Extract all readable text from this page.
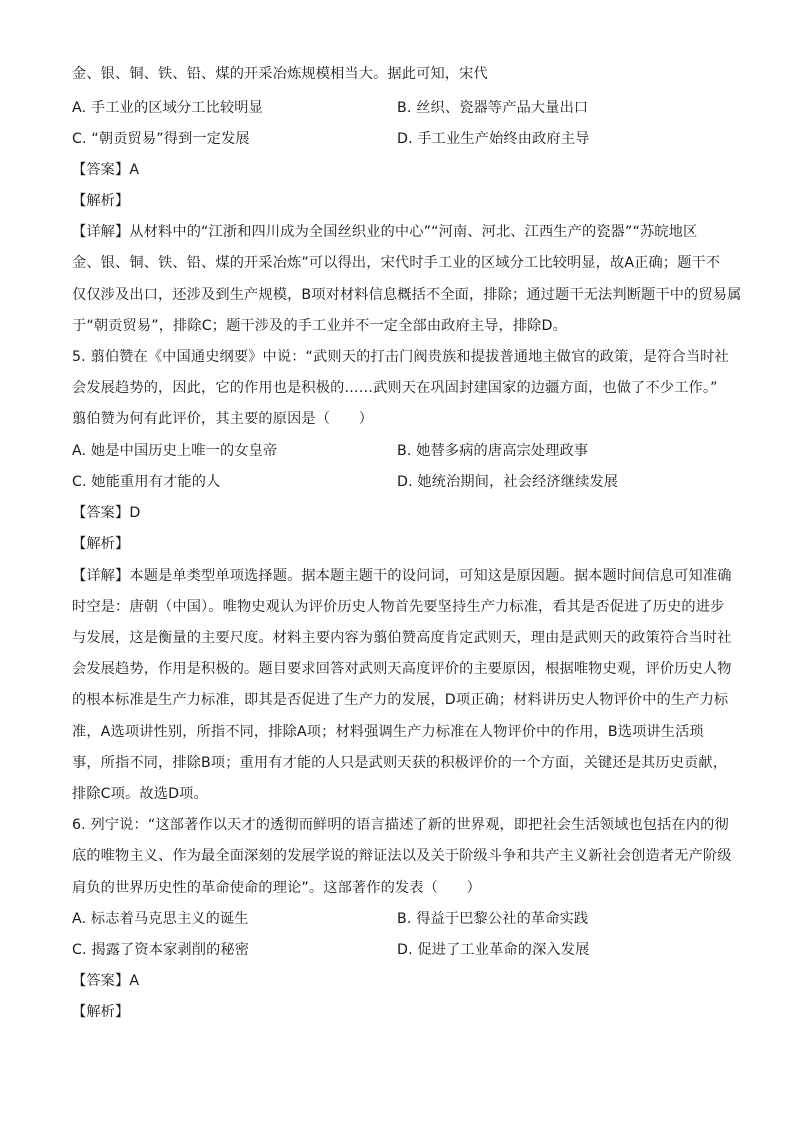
金、银、铜、铁、铅、煤的开采冶炼规模相当大。据此可知，宋代
A. 手工业的区域分工比较明显	B. 丝织、瓷器等产品大量出口
C. “朝贡贸易”得到一定发展	D. 手工业生产始终由政府主导
【答案】A
【解析】
【详解】从材料中的“江浙和四川成为全国丝织业的中心”“河南、河北、江西生产的瓷器”“苏皖地区
金、银、铜、铁、铅、煤的开采冶炼”可以得出，宋代时手工业的区域分工比较明显，故A正确；题干不
仅仅涉及出口，还涉及到生产规模，B项对材料信息概括不全面，排除；通过题干无法判断题干中的贸易属
于“朝贡贸易”，排除C；题干涉及的手工业并不一定全部由政府主导，排除D。
5. 翦伯赞在《中国通史纲要》中说：“武则天的打击门阀贵族和提拔普通地主做官的政策，是符合当时社
会发展趋势的，因此，它的作用也是积极的……武则天在巩固封建国家的边疆方面，也做了不少工作。”
翦伯赞为何有此评价，其主要的原因是（　　）
A. 她是中国历史上唯一的女皇帝	B. 她替多病的唐高宗处理政事
C. 她能重用有才能的人	D. 她统治期间，社会经济继续发展
【答案】D
【解析】
【详解】本题是单类型单项选择题。据本题主题干的设问词，可知这是原因题。据本题时间信息可知准确
时空是：唐朝（中国）。唯物史观认为评价历史人物首先要坚持生产力标准，看其是否促进了历史的进步
与发展，这是衡量的主要尺度。材料主要内容为翦伯赞高度肯定武则天，理由是武则天的政策符合当时社
会发展趋势，作用是积极的。题目要求回答对武则天高度评价的主要原因，根据唯物史观，评价历史人物
的根本标准是生产力标准，即其是否促进了生产力的发展，D项正确；材料讲历史人物评价中的生产力标
准，A选项讲性别，所指不同，排除A项；材料强调生产力标准在人物评价中的作用，B选项讲生活琐
事，所指不同，排除B项；重用有才能的人只是武则天获的积极评价的一个方面，关键还是其历史贡献，
排除C项。故选D项。
6. 列宁说：“这部著作以天才的透彻而鲜明的语言描述了新的世界观，即把社会生活领域也包括在内的彻
底的唯物主义、作为最全面深刻的发展学说的辩证法以及关于阶级斗争和共产主义新社会创造者无产阶级
肩负的世界历史性的革命使命的理论”。这部著作的发表（　　）
A. 标志着马克思主义的诞生	B. 得益于巴黎公社的革命实践
C. 揭露了资本家剥削的秘密	D. 促进了工业革命的深入发展
【答案】A
【解析】
